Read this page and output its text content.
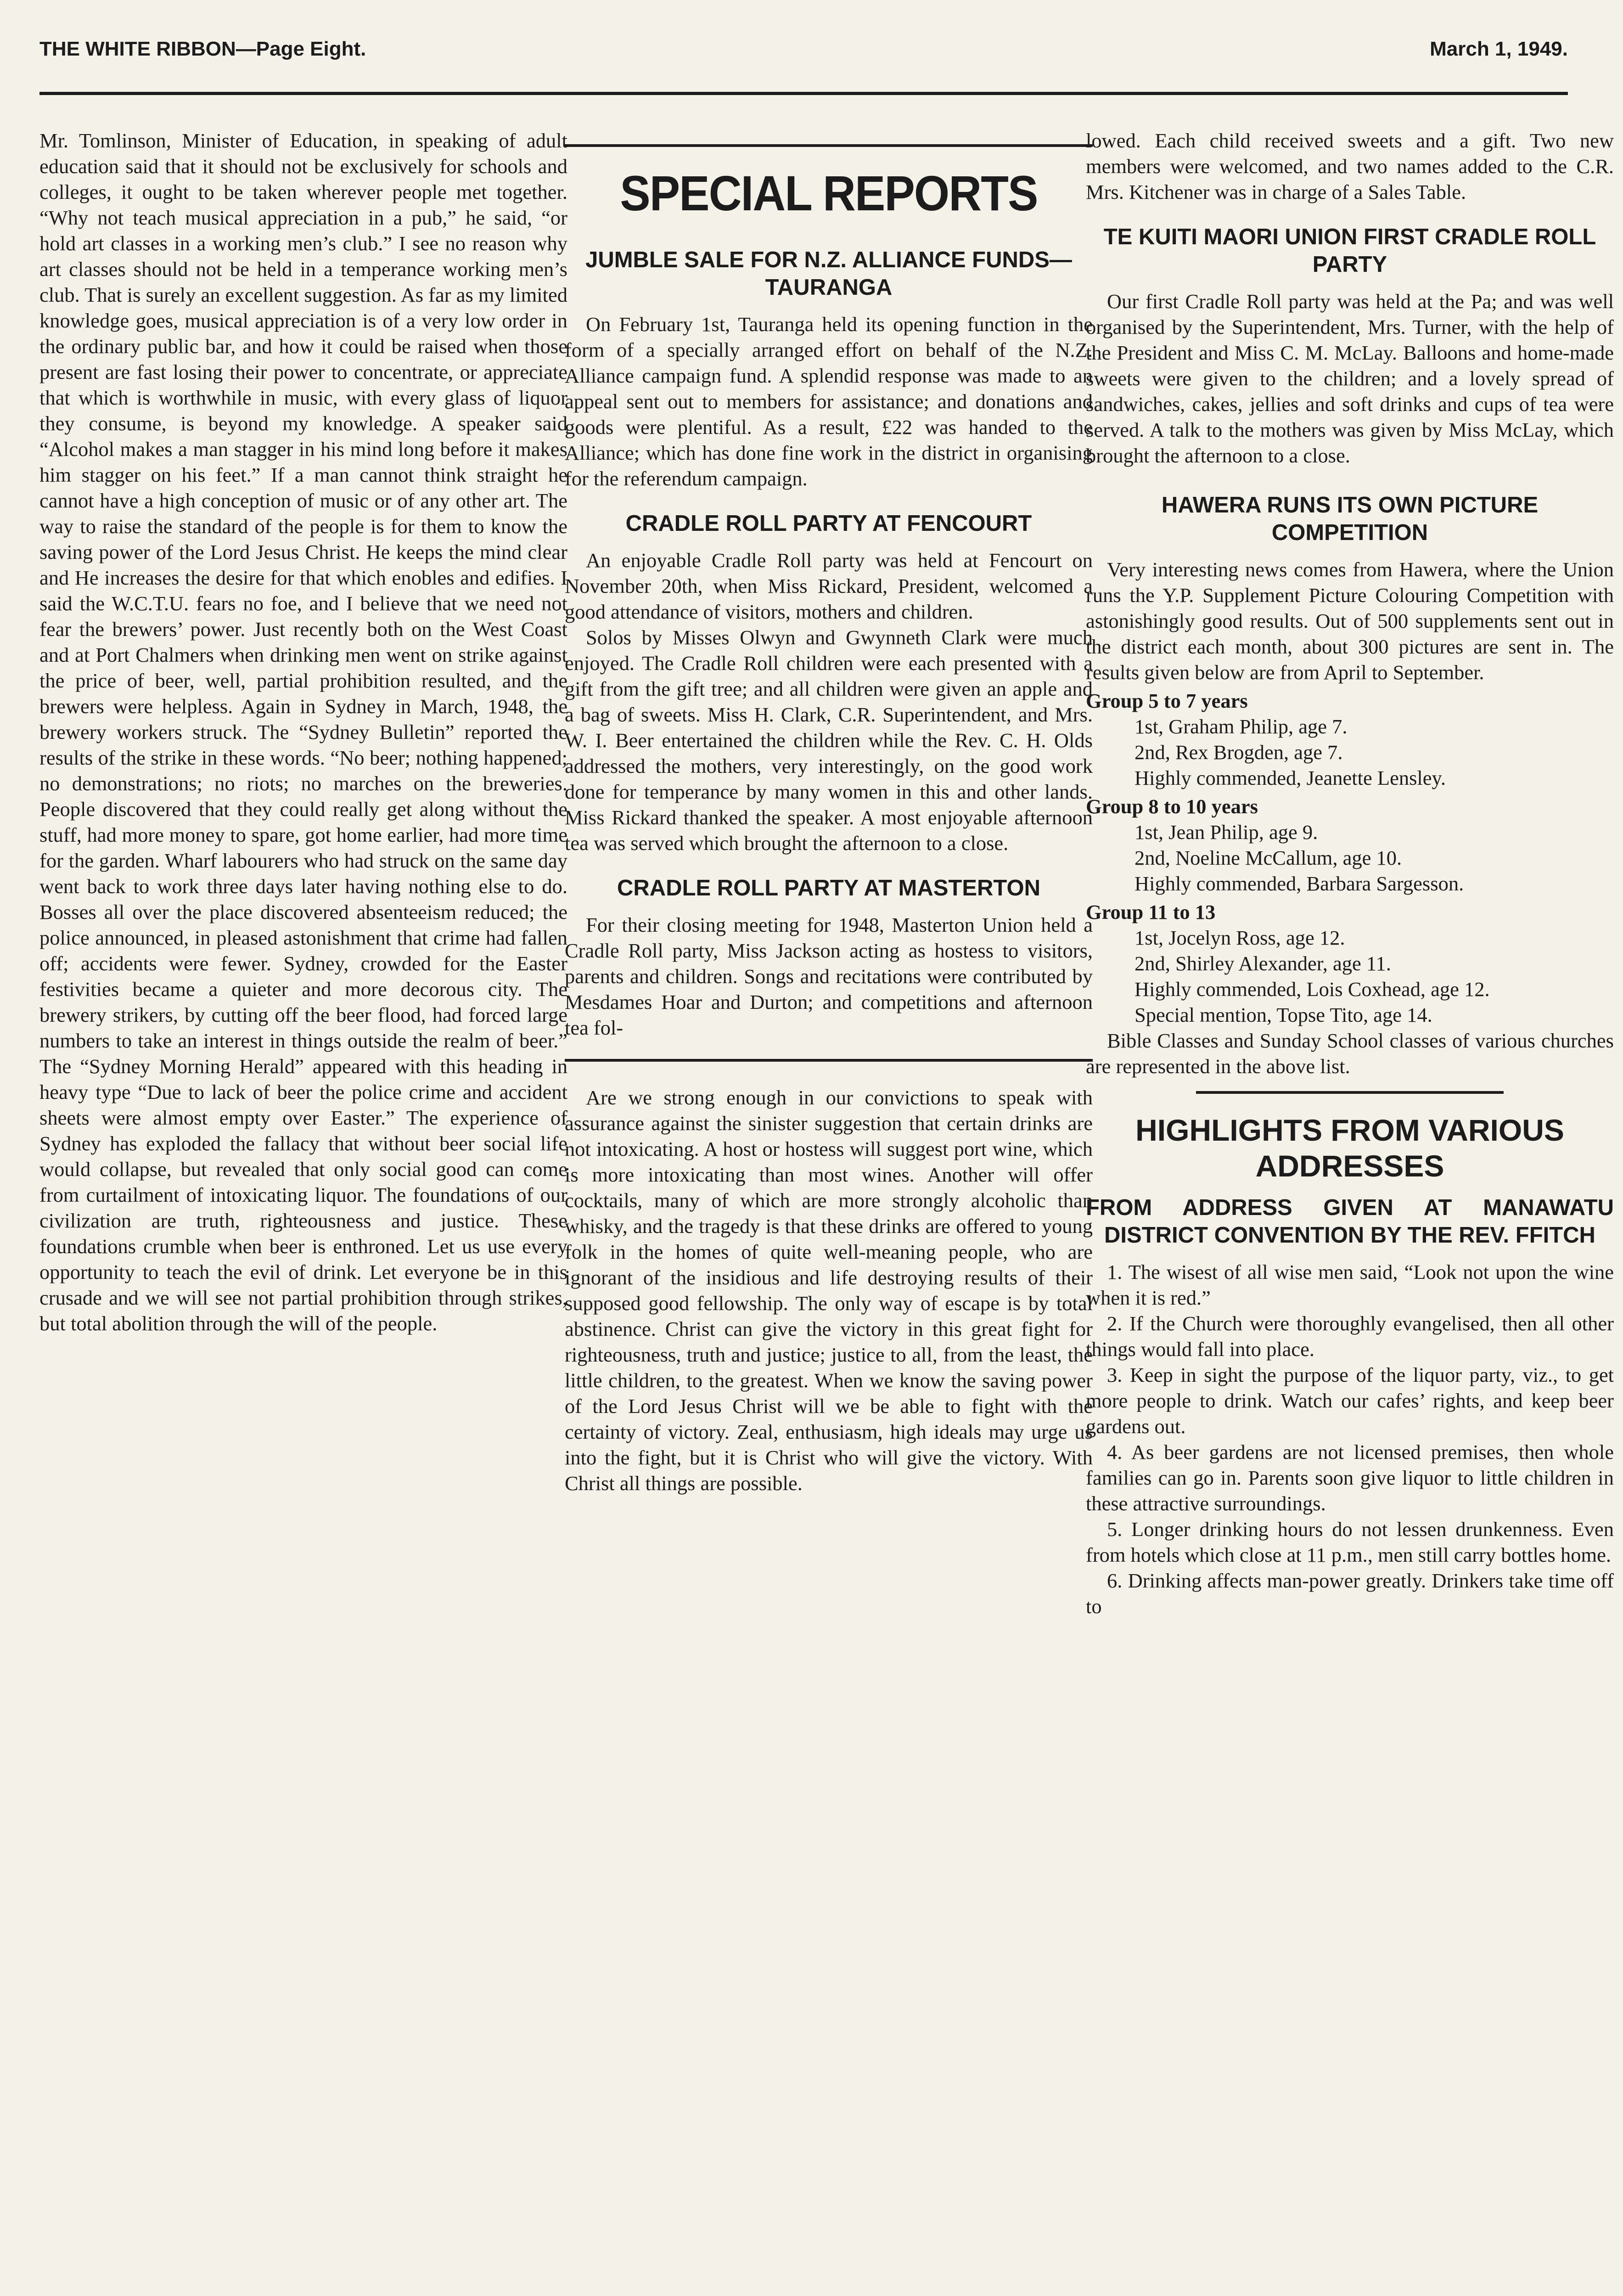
THE WHITE RIBBON—Page Eight.	March 1, 1949.

Mr. Tomlinson, Minister of Education, in speaking of adult education said that it should not be exclusively for schools and colleges, it ought to be taken wherever people met together. “Why not teach musical appreciation in a pub,” he said, “or hold art classes in a working men’s club.” I see no reason why art classes should not be held in a temperance working men’s club. That is surely an excellent suggestion. As far as my limited knowledge goes, musical appreciation is of a very low order in the ordinary public bar, and how it could be raised when those present are fast losing their power to concentrate, or appreciate that which is worthwhile in music, with every glass of liquor they consume, is beyond my knowledge. A speaker said “Alcohol makes a man stagger in his mind long before it makes him stagger on his feet.” If a man cannot think straight he cannot have a high conception of music or of any other art. The way to raise the standard of the people is for them to know the saving power of the Lord Jesus Christ. He keeps the mind clear and He increases the desire for that which enobles and edifies. I said the W.C.T.U. fears no foe, and I believe that we need not fear the brewers’ power. Just recently both on the West Coast and at Port Chalmers when drinking men went on strike against the price of beer, well, partial prohibition resulted, and the brewers were helpless. Again in Sydney in March, 1948, the brewery workers struck. The “Sydney Bulletin” reported the results of the strike in these words. “No beer; nothing happened; no demonstrations; no riots; no marches on the breweries. People discovered that they could really get along without the stuff, had more money to spare, got home earlier, had more time for the garden. Wharf labourers who had struck on the same day went back to work three days later having nothing else to do. Bosses all over the place discovered absenteeism reduced; the police announced, in pleased astonishment that crime had fallen off; accidents were fewer. Sydney, crowded for the Easter festivities became a quieter and more decorous city. The brewery strikers, by cutting off the beer flood, had forced large numbers to take an interest in things outside the realm of beer.” The “Sydney Morning Herald” appeared with this heading in heavy type “Due to lack of beer the police crime and accident sheets were almost empty over Easter.” The experience of Sydney has exploded the fallacy that without beer social life would collapse, but revealed that only social good can come from curtailment of intoxicating liquor. The foundations of our civilization are truth, righteousness and justice. These foundations crumble when beer is enthroned. Let us use every opportunity to teach the evil of drink. Let everyone be in this crusade and we will see not partial prohibition through strikes, but total abolition through the will of the people.

SPECIAL REPORTS
JUMBLE SALE FOR N.Z. ALLIANCE FUNDS—TAURANGA

On February 1st, Tauranga held its opening function in the form of a specially arranged effort on behalf of the N.Z. Alliance campaign fund. A splendid response was made to an appeal sent out to members for assistance; and donations and goods were plentiful. As a result, £22 was handed to the Alliance; which has done fine work in the district in organising for the referendum campaign.

CRADLE ROLL PARTY AT FENCOURT

An enjoyable Cradle Roll party was held at Fencourt on November 20th, when Miss Rickard, President, welcomed a good attendance of visitors, mothers and children.

Solos by Misses Olwyn and Gwynneth Clark were much enjoyed. The Cradle Roll children were each presented with a gift from the gift tree; and all children were given an apple and a bag of sweets. Miss H. Clark, C.R. Superintendent, and Mrs. W. I. Beer entertained the children while the Rev. C. H. Olds addressed the mothers, very interestingly, on the good work done for temperance by many women in this and other lands. Miss Rickard thanked the speaker. A most enjoyable afternoon tea was served which brought the afternoon to a close.

CRADLE ROLL PARTY AT MASTERTON

For their closing meeting for 1948, Masterton Union held a Cradle Roll party, Miss Jackson acting as hostess to visitors, parents and children. Songs and recitations were contributed by Mesdames Hoar and Durton; and competitions and afternoon tea fol-

Are we strong enough in our convictions to speak with assurance against the sinister suggestion that certain drinks are not intoxicating. A host or hostess will suggest port wine, which is more intoxicating than most wines. Another will offer cocktails, many of which are more strongly alcoholic than whisky, and the tragedy is that these drinks are offered to young folk in the homes of quite well-meaning people, who are ignorant of the insidious and life destroying results of their supposed good fellowship. The only way of escape is by total abstinence. Christ can give the victory in this great fight for righteousness, truth and justice; justice to all, from the least, the little children, to the greatest. When we know the saving power of the Lord Jesus Christ will we be able to fight with the certainty of victory. Zeal, enthusiasm, high ideals may urge us into the fight, but it is Christ who will give the victory. With Christ all things are possible.

lowed. Each child received sweets and a gift. Two new members were welcomed, and two names added to the C.R. Mrs. Kitchener was in charge of a Sales Table.

TE KUITI MAORI UNION FIRST CRADLE ROLL PARTY

Our first Cradle Roll party was held at the Pa; and was well organised by the Superintendent, Mrs. Turner, with the help of the President and Miss C. M. McLay. Balloons and home-made sweets were given to the children; and a lovely spread of sandwiches, cakes, jellies and soft drinks and cups of tea were served. A talk to the mothers was given by Miss McLay, which brought the afternoon to a close.

HAWERA RUNS ITS OWN PICTURE COMPETITION

Very interesting news comes from Hawera, where the Union runs the Y.P. Supplement Picture Colouring Competition with astonishingly good results. Out of 500 supplements sent out in the district each month, about 300 pictures are sent in. The results given below are from April to September.

Group 5 to 7 years
1st, Graham Philip, age 7.
2nd, Rex Brogden, age 7.
Highly commended, Jeanette Lensley.
Group 8 to 10 years
1st, Jean Philip, age 9.
2nd, Noeline McCallum, age 10.
Highly commended, Barbara Sargesson.
Group 11 to 13
1st, Jocelyn Ross, age 12.
2nd, Shirley Alexander, age 11.
Highly commended, Lois Coxhead, age 12.
Special mention, Topse Tito, age 14.

Bible Classes and Sunday School classes of various churches are represented in the above list.

HIGHLIGHTS FROM VARIOUS ADDRESSES
FROM ADDRESS GIVEN AT MANAWATU DISTRICT CONVENTION BY THE REV. FFITCH

1. The wisest of all wise men said, “Look not upon the wine when it is red.”

2. If the Church were thoroughly evangelised, then all other things would fall into place.

3. Keep in sight the purpose of the liquor party, viz., to get more people to drink. Watch our cafes’ rights, and keep beer gardens out.

4. As beer gardens are not licensed premises, then whole families can go in. Parents soon give liquor to little children in these attractive surroundings.

5. Longer drinking hours do not lessen drunkenness. Even from hotels which close at 11 p.m., men still carry bottles home.

6. Drinking affects man-power greatly. Drinkers take time off to
